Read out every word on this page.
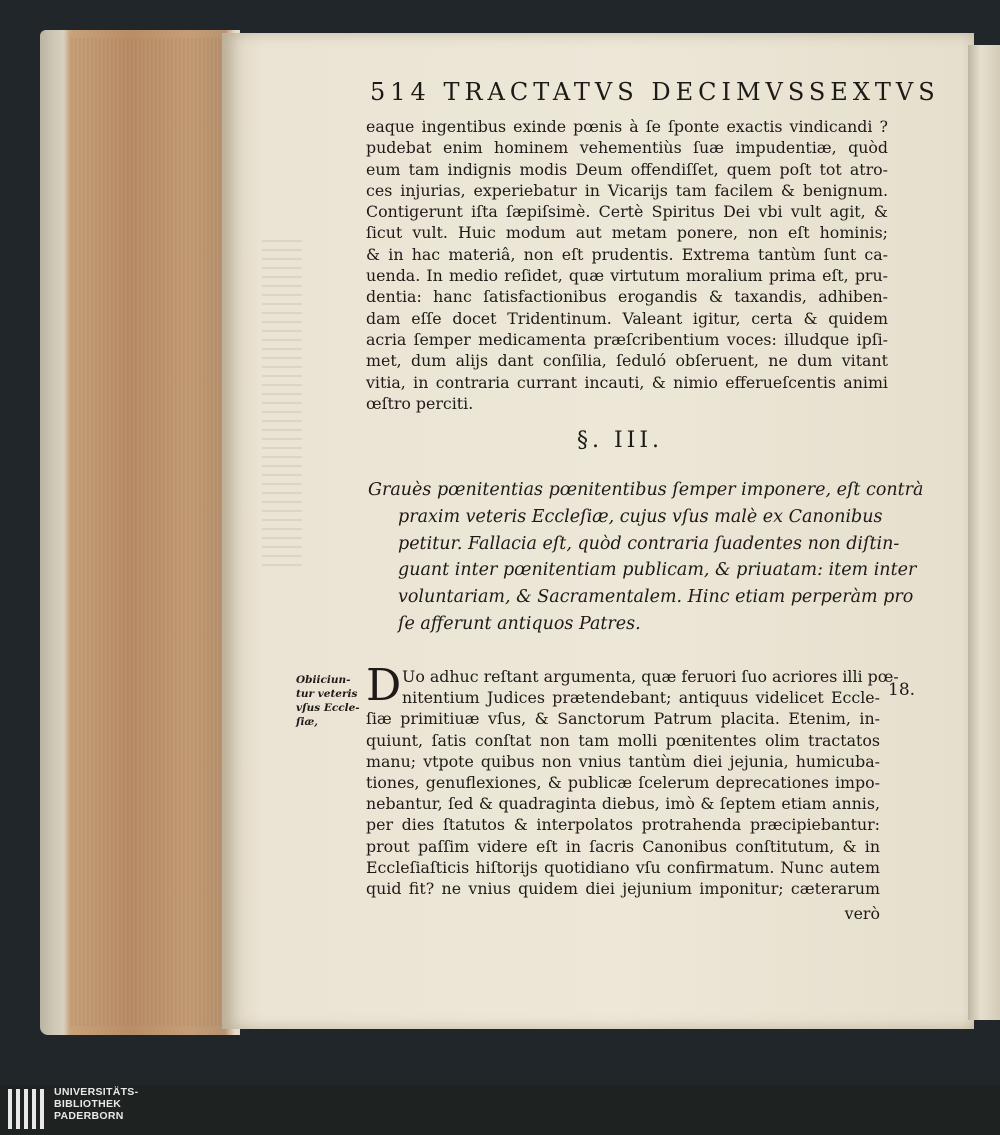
514 TRACTATVS DECIMVSSEXTVS
eaque ingentibus exinde pœnis à ſe ſponte exactis vindicandi ?
pudebat enim hominem vehementiùs ſuæ impudentiæ, quòd
eum tam indignis modis Deum offendiſſet, quem poſt tot atro-
ces injurias, experiebatur in Vicarijs tam facilem & benignum.
Contigerunt iſta ſæpiſsimè. Certè Spiritus Dei vbi vult agit, &
ſicut vult. Huic modum aut metam ponere, non eſt hominis;
& in hac materiâ, non eſt prudentis. Extrema tantùm ſunt ca-
uenda. In medio reſidet, quæ virtutum moralium prima eſt, pru-
dentia: hanc ſatisfactionibus erogandis & taxandis, adhiben-
dam eſſe docet Tridentinum. Valeant igitur, certa & quidem
acria ſemper medicamenta præſcribentium voces: illudque ipſi-
met, dum alijs dant conſilia, ſeduló obſeruent, ne dum vitant
vitia, in contraria currant incauti, & nimio efferueſcentis animi
œſtro perciti.
§. III.
Grauès pœnitentias pœnitentibus ſemper imponere, eſt contrà
praxim veteris Eccleſiæ, cujus vſus malè ex Canonibus
petitur. Fallacia eſt, quòd contraria ſuadentes non diſtin-
guant inter pœnitentiam publicam, & priuatam: item inter
voluntariam, & Sacramentalem. Hinc etiam perperàm pro
ſe afferunt antiquos Patres.
Obiiciun-
tur veteris
vſus Eccle-
ſiæ,
18.
D Uo adhuc reſtant argumenta, quæ feruori ſuo acriores illi pœ-
nitentium Judices prætendebant; antiquus videlicet Eccle-
ſiæ primitiuæ vſus, & Sanctorum Patrum placita. Etenim, in-
quiunt, ſatis conſtat non tam molli pœnitentes olim tractatos
manu; vtpote quibus non vnius tantùm diei jejunia, humicuba-
tiones, genuflexiones, & publicæ ſcelerum deprecationes impo-
nebantur, ſed & quadraginta diebus, imò & ſeptem etiam annis,
per dies ſtatutos & interpolatos protrahenda præcipiebantur:
prout paſſim videre eſt in ſacris Canonibus conſtitutum, & in
Eccleſiaſticis hiſtorijs quotidiano vſu confirmatum. Nunc autem
quid fit? ne vnius quidem diei jejunium imponitur; cæterarum
verò
UNIVERSITÄTS-
BIBLIOTHEK
PADERBORN
